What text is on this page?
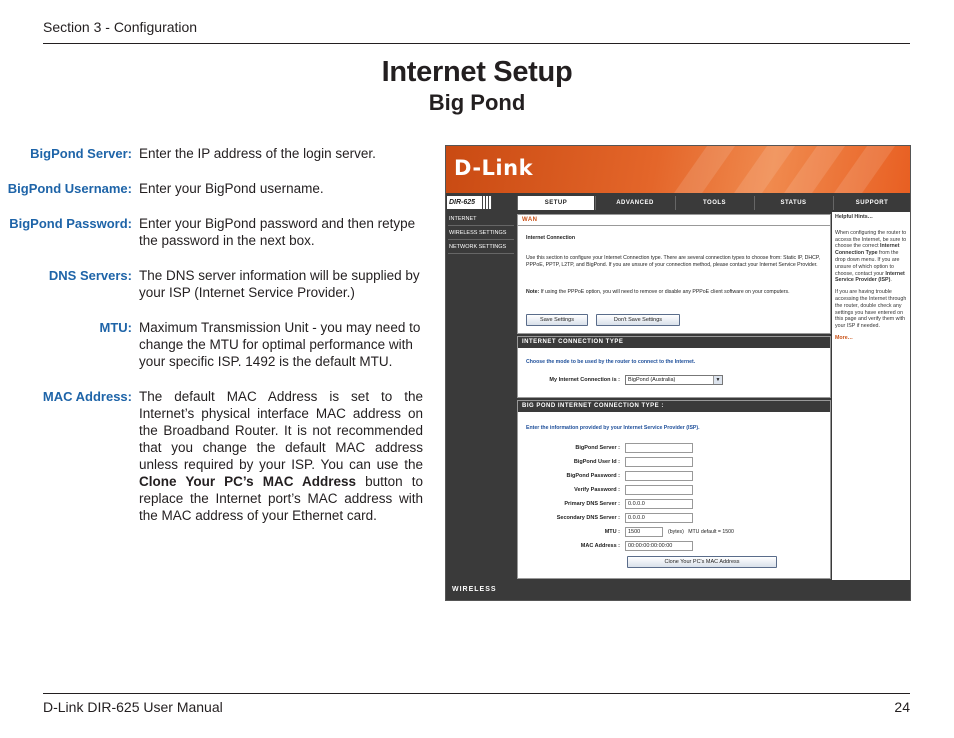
Section 3 - Configuration
Internet Setup
Big Pond
BigPond Server: Enter the IP address of the login server.
BigPond Username: Enter your BigPond username.
BigPond Password: Enter your BigPond password and then retype the password in the next box.
DNS Servers: The DNS server information will be supplied by your ISP (Internet Service Provider.)
MTU: Maximum Transmission Unit - you may need to change the MTU for optimal performance with your specific ISP. 1492 is the default MTU.
MAC Address: The default MAC Address is set to the Internet’s physical interface MAC address on the Broadband Router. It is not recommended that you change the default MAC address unless required by your ISP. You can use the Clone Your PC’s MAC Address button to replace the Internet port’s MAC address with the MAC address of your Ethernet card.
D-Link
DIR-625	SETUP	ADVANCED	TOOLS	STATUS	SUPPORT
INTERNET
WIRELESS SETTINGS
NETWORK SETTINGS
WAN
Internet Connection
Use this section to configure your Internet Connection type. There are several connection types to choose from: Static IP, DHCP, PPPoE, PPTP, L2TP, and BigPond. If you are unsure of your connection method, please contact your Internet Service Provider.
Note: If using the PPPoE option, you will need to remove or disable any PPPoE client software on your computers.
Save Settings	Don't Save Settings
INTERNET CONNECTION TYPE
Choose the mode to be used by the router to connect to the Internet.
My Internet Connection is :	BigPond (Australia)	▼
BIG POND INTERNET CONNECTION TYPE :
Enter the information provided by your Internet Service Provider (ISP).
BigPond Server :
BigPond User Id :
BigPond Password :
Verify Password :
Primary DNS Server :	0.0.0.0
Secondary DNS Server :	0.0.0.0
MTU :	1500	(bytes) MTU default = 1500
MAC Address :	00:00:00:00:00:00
Clone Your PC's MAC Address
Helpful Hints…
When configuring the router to access the Internet, be sure to choose the correct Internet Connection Type from the drop down menu. If you are unsure of which option to choose, contact your Internet Service Provider (ISP).
If you are having trouble accessing the Internet through the router, double check any settings you have entered on this page and verify them with your ISP if needed.
More…
WIRELESS
D-Link DIR-625 User Manual	24
